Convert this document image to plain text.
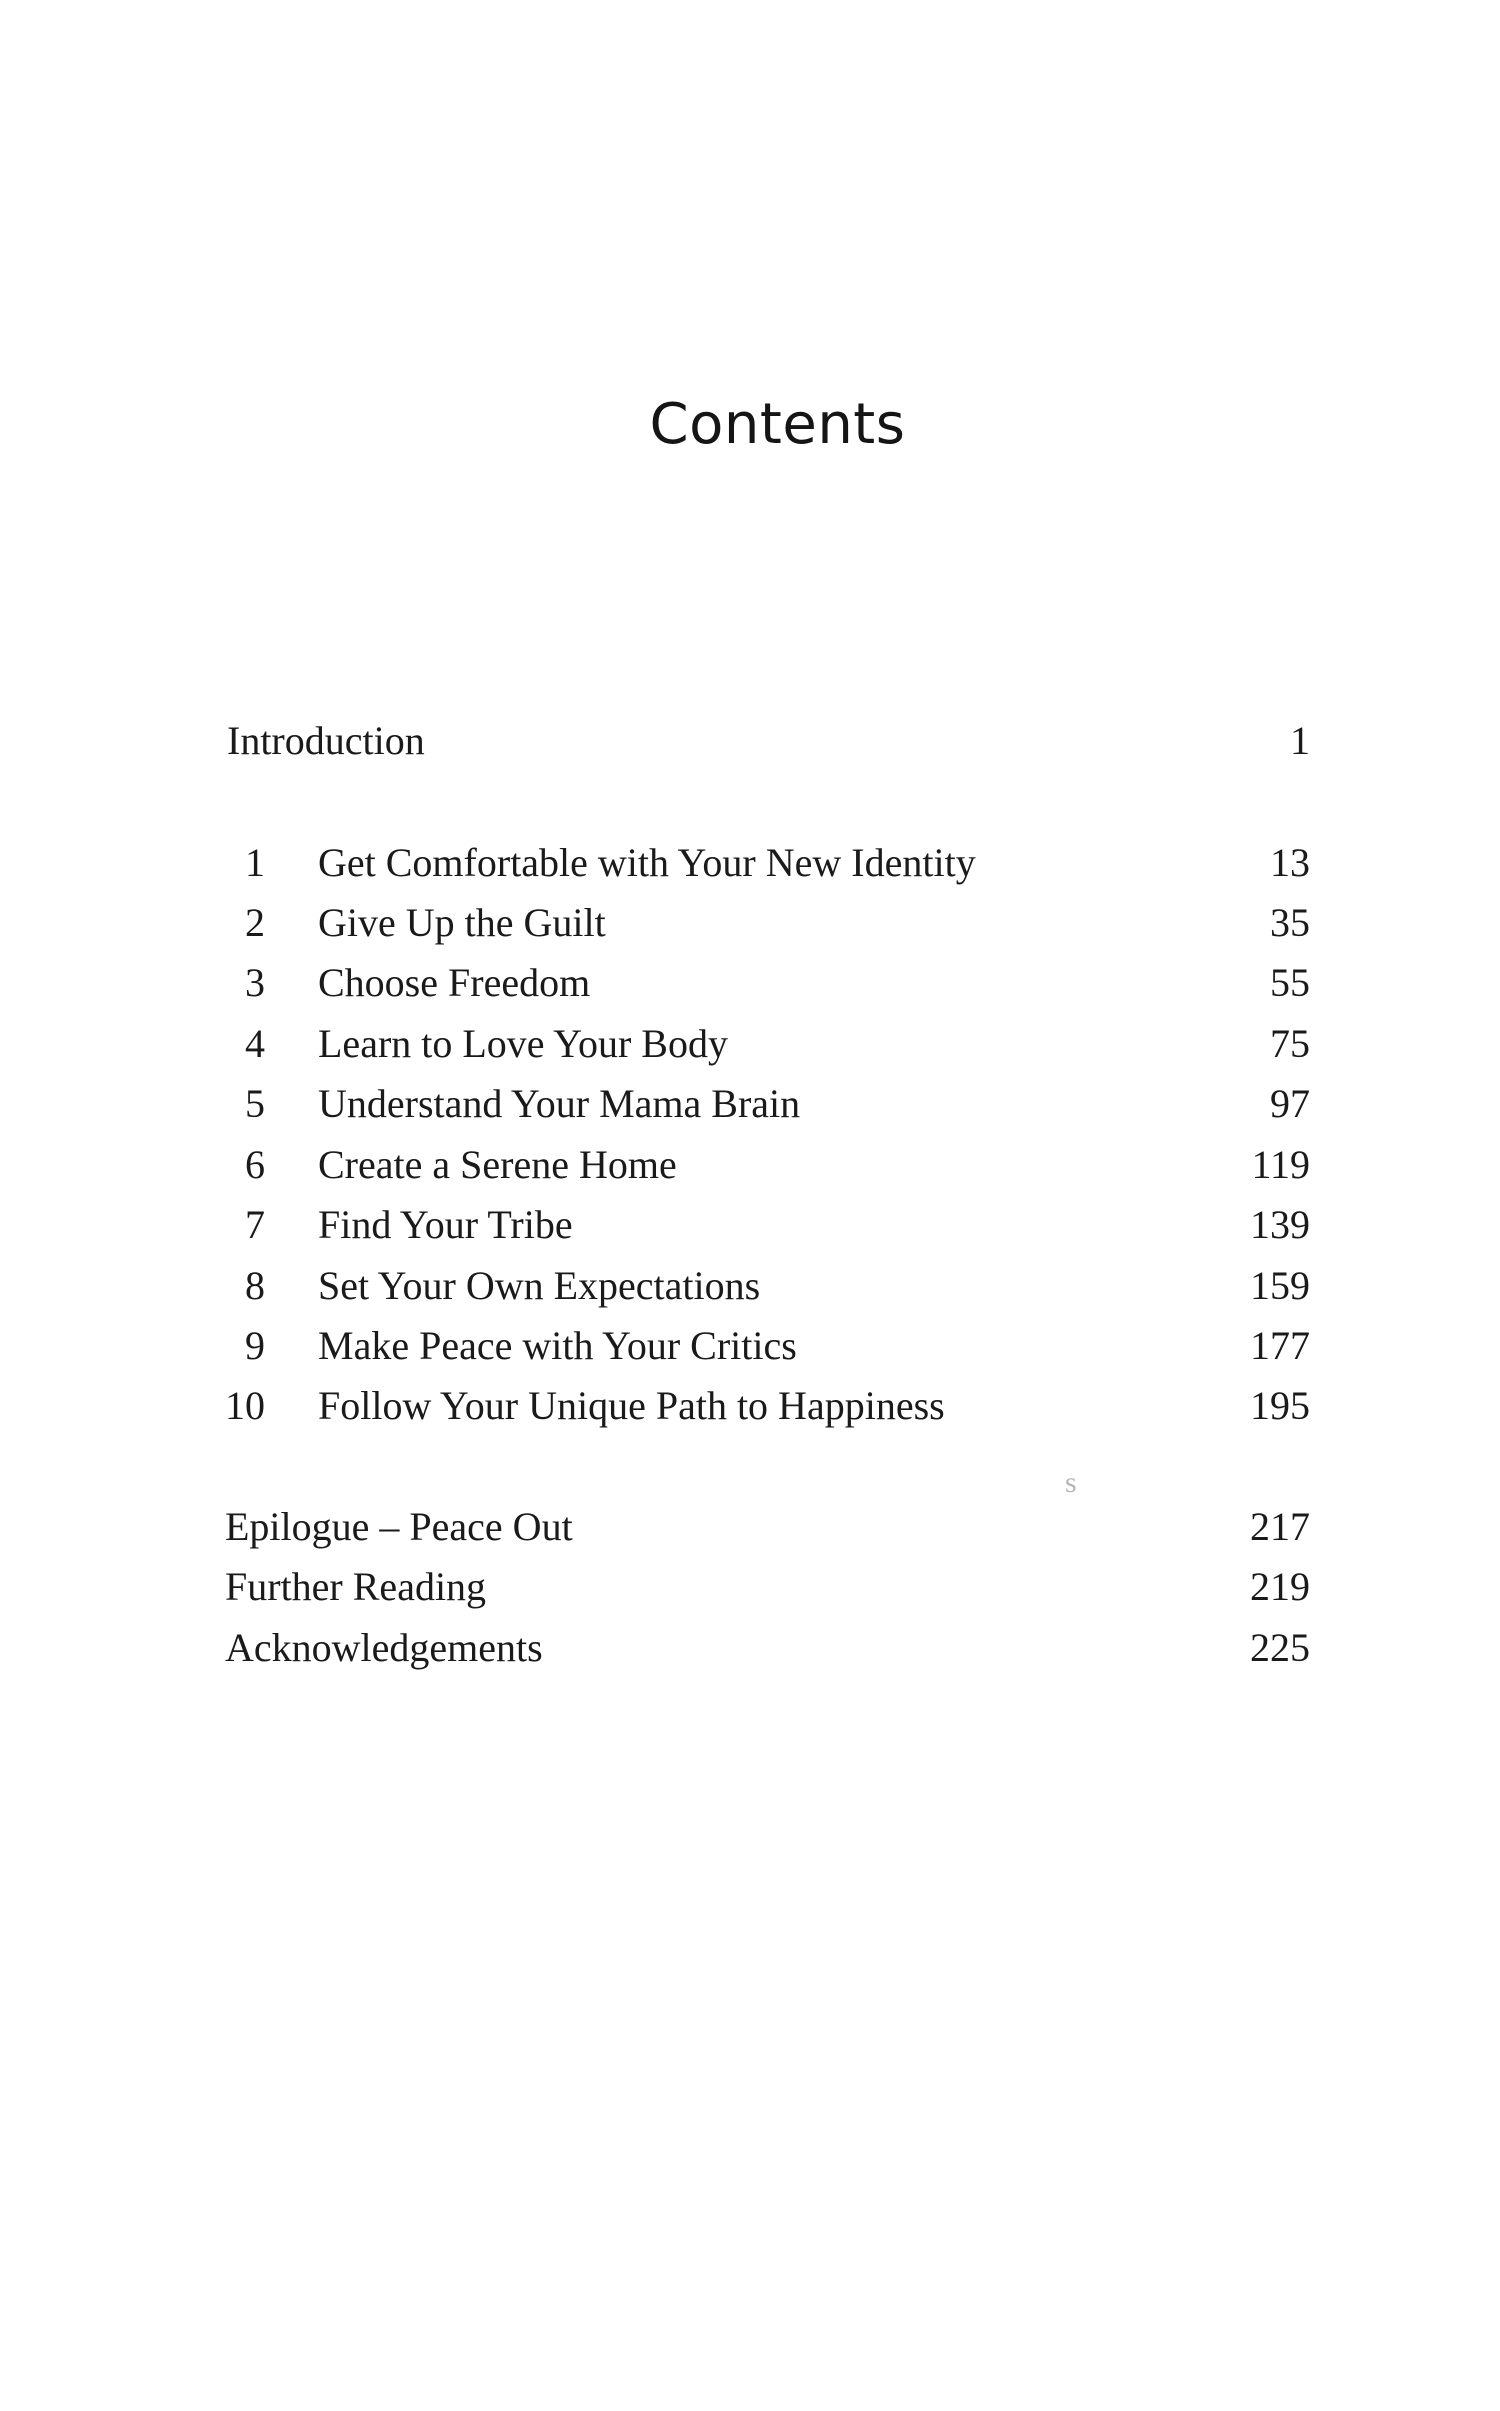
Contents
Introduction	1
1 Get Comfortable with Your New Identity	13
2 Give Up the Guilt	35
3 Choose Freedom	55
4 Learn to Love Your Body	75
5 Understand Your Mama Brain	97
6 Create a Serene Home	119
7 Find Your Tribe	139
8 Set Your Own Expectations	159
9 Make Peace with Your Critics	177
10 Follow Your Unique Path to Happiness	195
s
Epilogue – Peace Out	217
Further Reading	219
Acknowledgements	225
